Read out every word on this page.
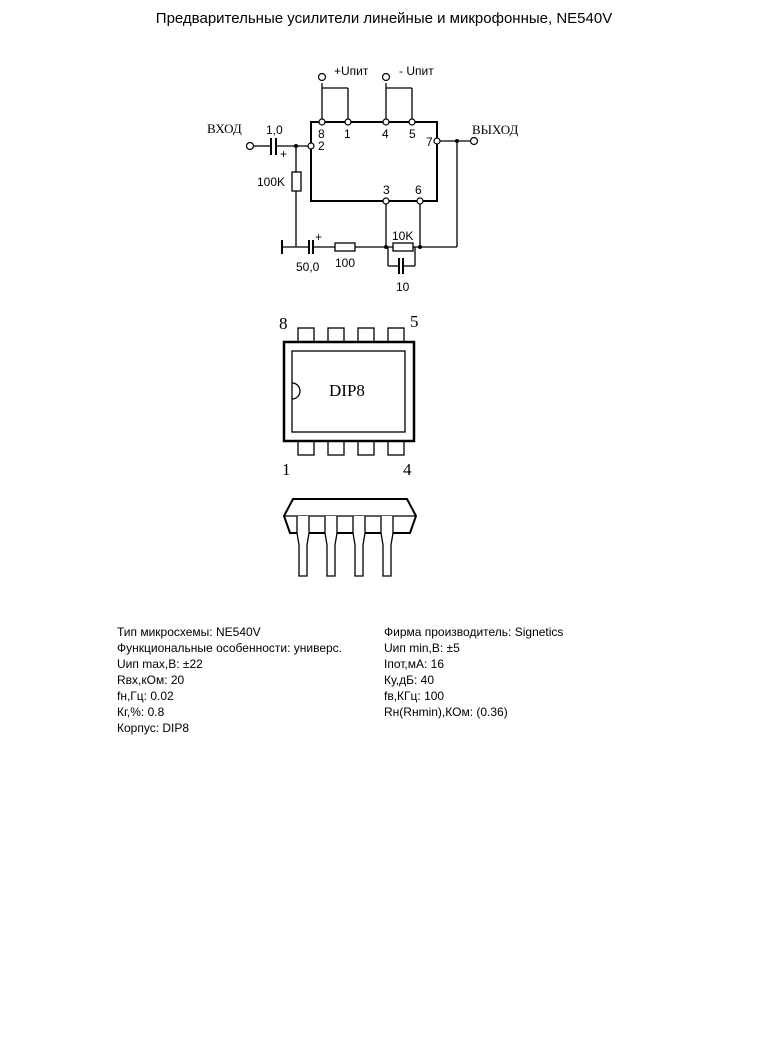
Предварительные усилители линейные и микрофонные, NE540V
ВХОД	ВЫХОД
+Uпит	- Uпит
1,0
+
100K
50,0
+
100
10K
10
8 1	4 5
2	7
3 6
DIP8
8	5
1	4
Тип микросхемы: NE540V
Функциональные особенности: универс.
Uип max,В: ±22
Rвх,кОм: 20
fн,Гц: 0.02
Кг,%: 0.8
Корпус: DIP8
Фирма производитель: Signetics
Uип min,В: ±5
Iпот,мА: 16
Ку,дБ: 40
fв,КГц: 100
Rн(Rнmin),КОм: (0.36)
